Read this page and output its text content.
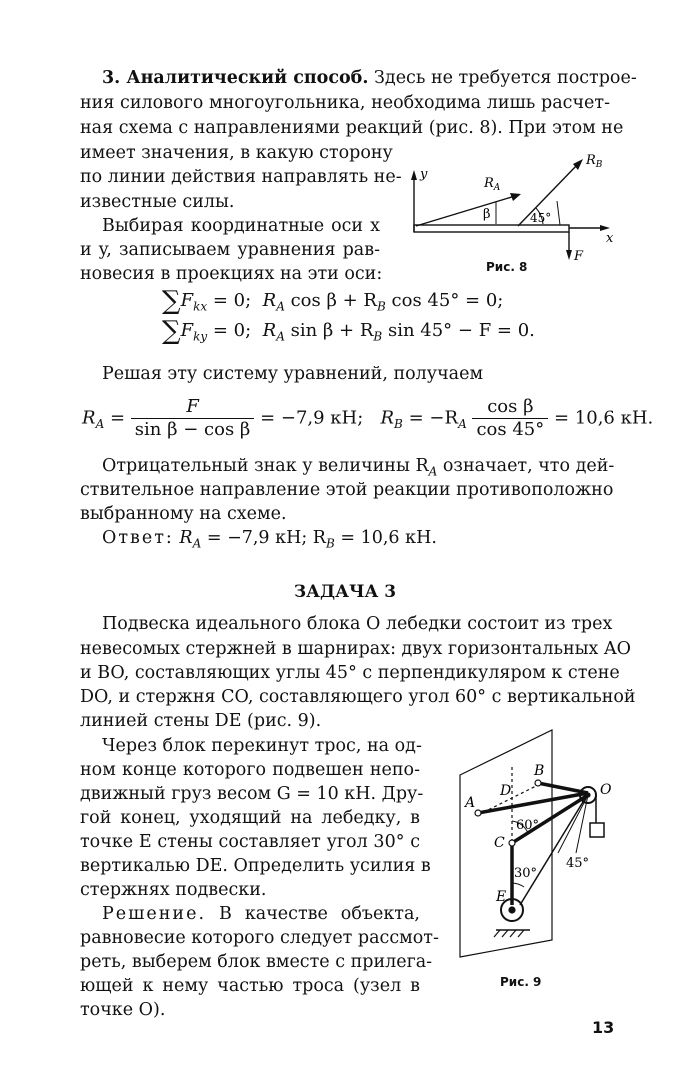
3. Аналитический способ. Здесь не требуется построе-
ния силового многоугольника, необходима лишь расчет-
ная схема с направлениями реакций (рис. 8). При этом не
имеет значения, в какую сторону
по линии действия направлять не-
известные силы.
Выбирая координатные оси x
и y, записываем уравнения рав-
новесия в проекциях на эти оси:
y
x
$R_A$
$R_B$
β	45°
F
Рис. 8
$\sum F_{kx} = 0$; $R_A$ $\cos \beta + R_B$ cos 45° = 0;
$\sum F_{ky} = 0$; $R_A$ $\sin \beta + R_B$ sin 45° − F = 0.
Решая эту систему уравнений, получаем
$R_A = \frac{F}{\text{sin β − cos β}} = -7,9$ кН; $R_B = -R_A \frac{\text{cos β}}{\cos 45^\circ} = 10,6$ кН.
Отрицательный знак у величины $R_A$ означает, что дей-
ствительное направление этой реакции противоположно
выбранному на схеме.
Ответ: $R_A = -7,9$ кН; $R_B = 10,6$ кН.
ЗАДАЧА 3
Подвеска идеального блока O лебедки состоит из трех
невесомых стержней в шарнирах: двух горизонтальных AO
и BO, составляющих углы 45° с перпендикуляром к стене
DO, и стержня CO, составляющего угол 60° с вертикальной
линией стены DE (рис. 9).
Через блок перекинут трос, на од-
ном конце которого подвешен непо-
движный груз весом G = 10 кН. Дру-
гой конец, уходящий на лебедку, в
точке E стены составляет угол 30° с
вертикалью DE. Определить усилия в
стержнях подвески.
Решение. В качестве объекта,
равновесие которого следует рассмот-
реть, выберем блок вместе с прилега-
ющей к нему частью троса (узел в
точке O).
A
B
C
D
E
O
60°
30°
45°
Рис. 9
13
